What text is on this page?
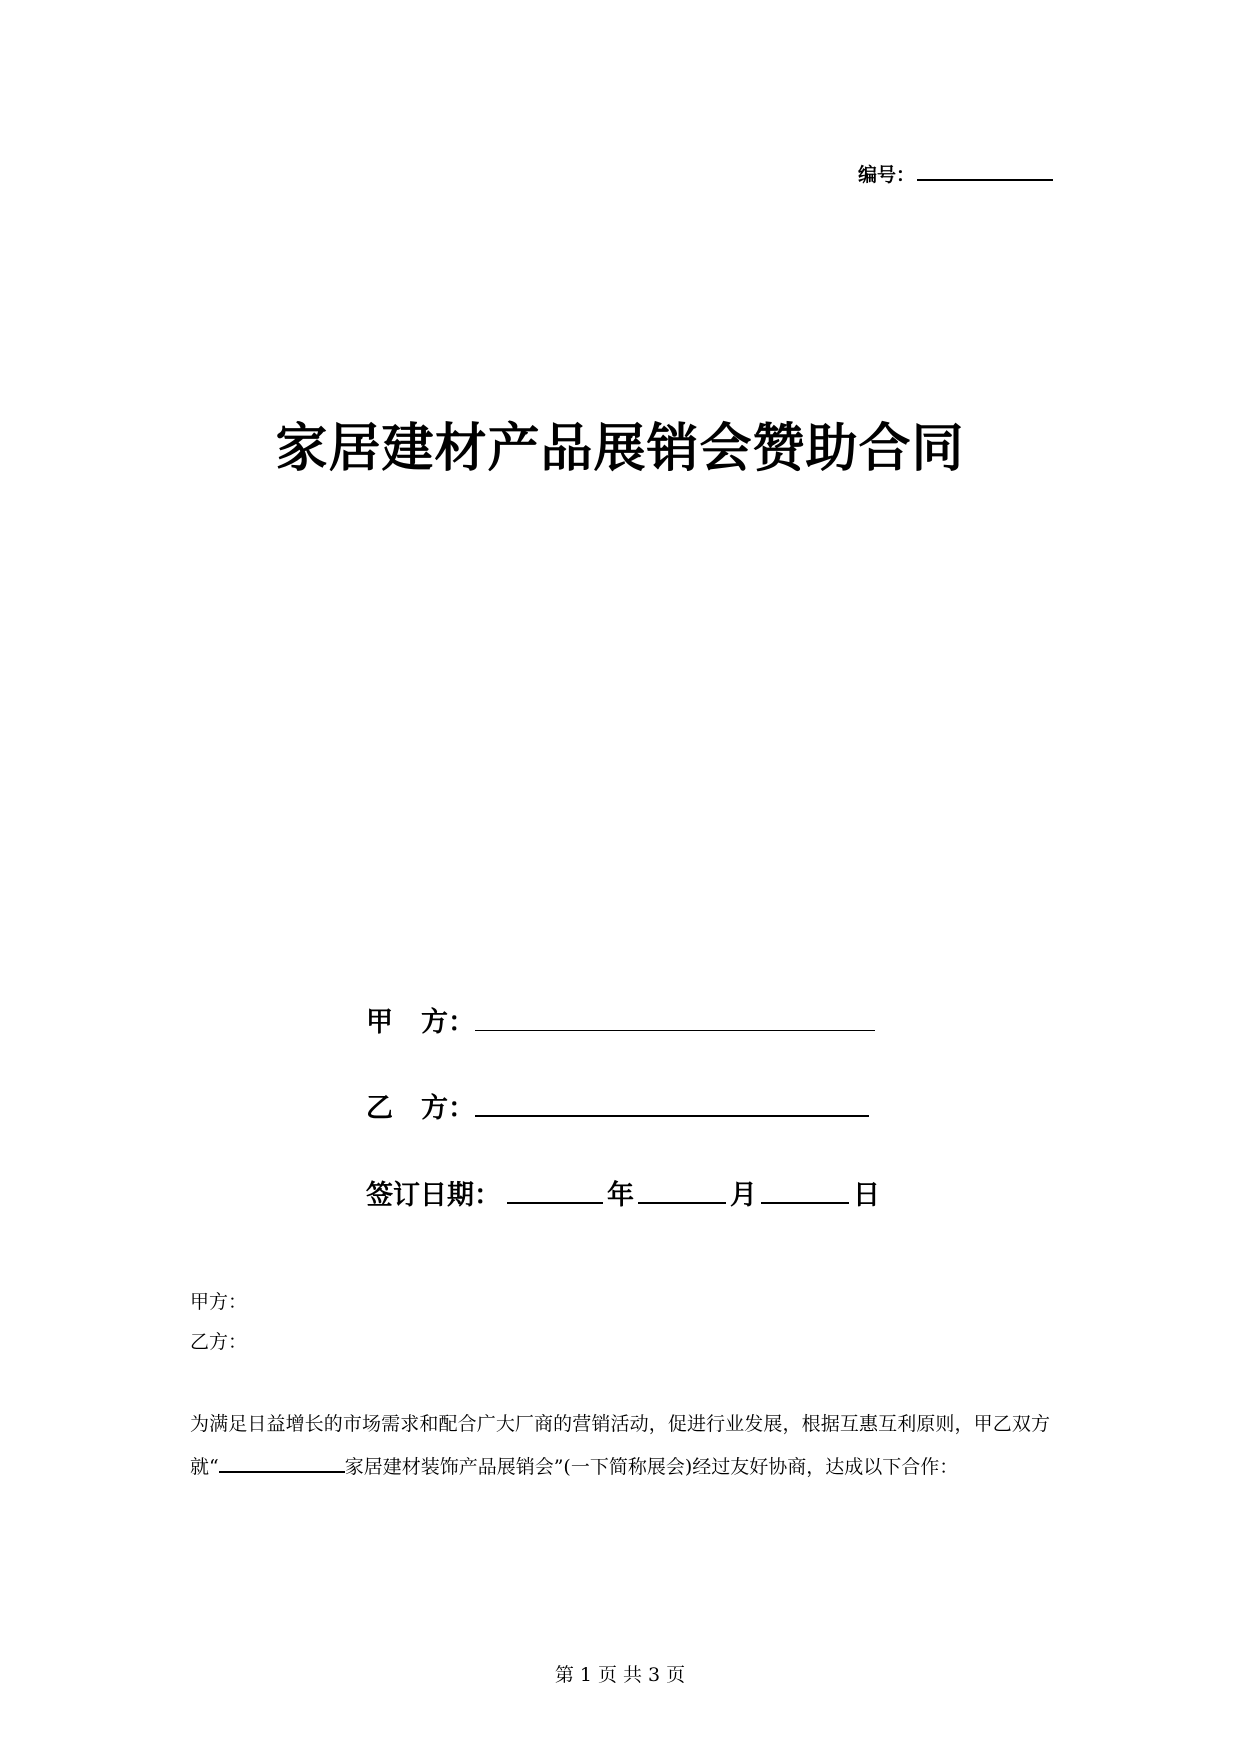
编号：
家居建材产品展销会赞助合同
甲 方：
乙 方：
签订日期：	年	月	日
甲方：
乙方：
为满足日益增长的市场需求和配合广大厂商的营销活动，促进行业发展，根据互惠互利原则，甲乙双方就“	家居建材装饰产品展销会”(一下简称展会)经过友好协商，达成以下合作：
第 1 页 共 3 页
